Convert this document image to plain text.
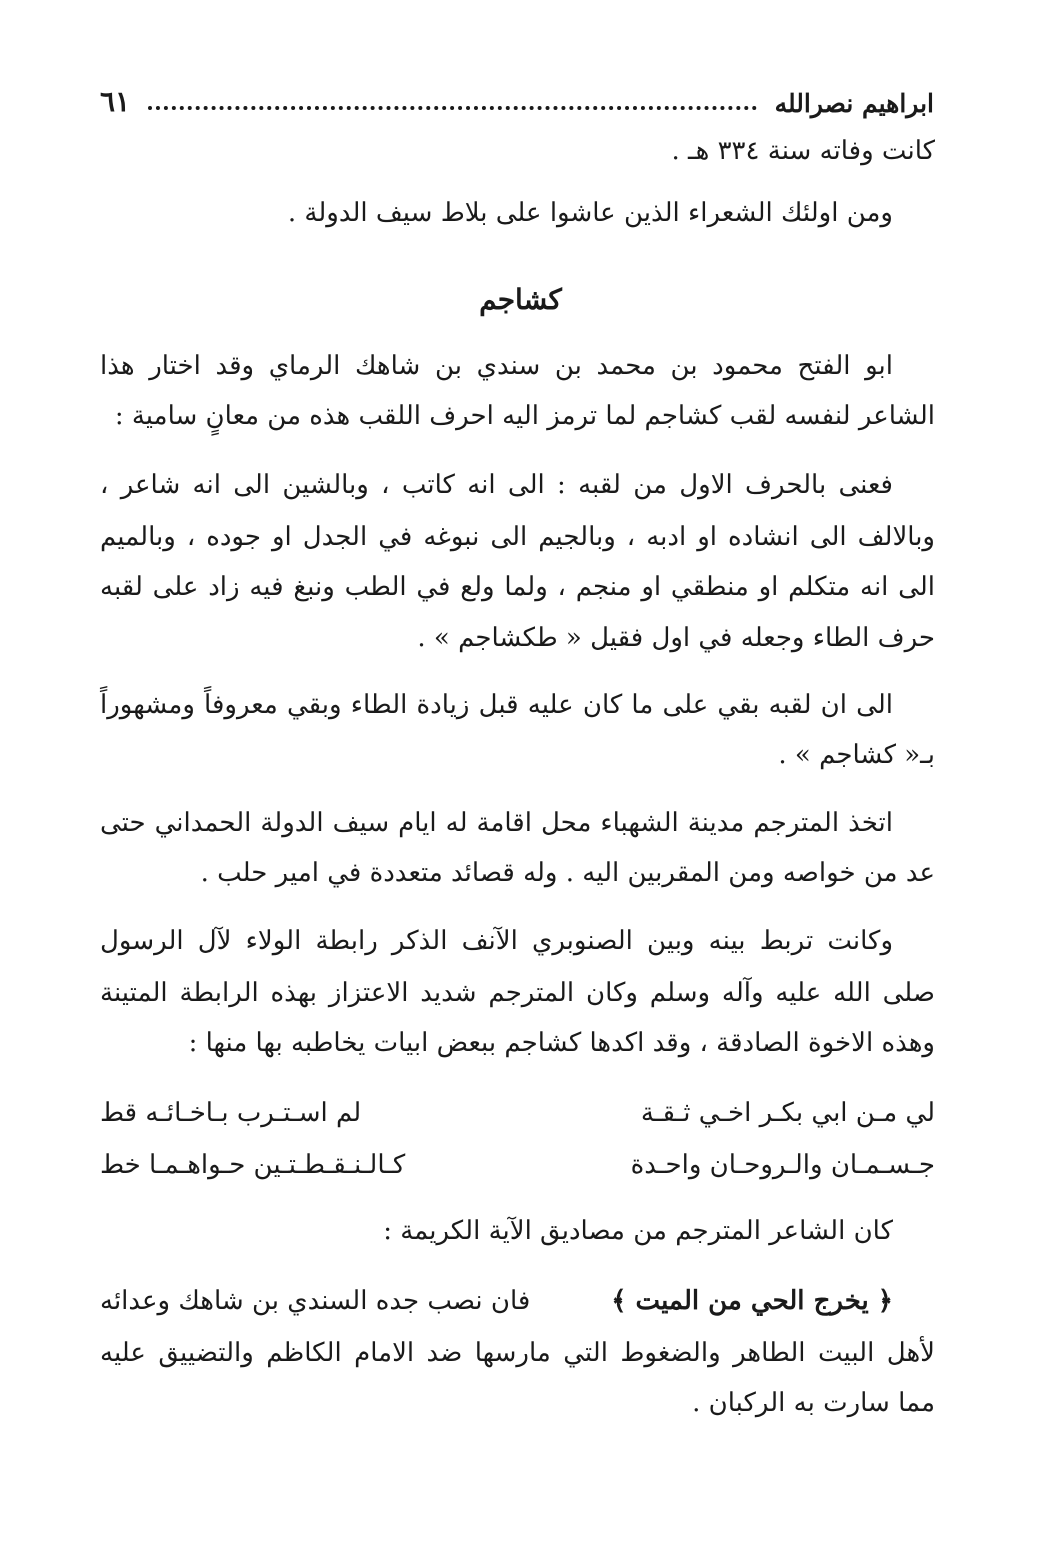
ابراهيم نصرالله
٦١
كانت وفاته سنة ٣٣٤ هـ .
ومن اولئك الشعراء الذين عاشوا على بلاط سيف الدولة .
كشاجم
ابو الفتح محمود بن محمد بن سندي بن شاهك الرماي وقد اختار هذا
الشاعر لنفسه لقب كشاجم لما ترمز اليه احرف اللقب هذه من معانٍ سامية :
فعنى بالحرف الاول من لقبه : الى انه كاتب ، وبالشين الى انه شاعر ،
وبالالف الى انشاده او ادبه ، وبالجيم الى نبوغه في الجدل او جوده ، وبالميم
الى انه متكلم او منطقي او منجم ، ولما ولع في الطب ونبغ فيه زاد على لقبه
حرف الطاء وجعله في اول فقيل « طكشاجم » .
الى ان لقبه بقي على ما كان عليه قبل زيادة الطاء وبقي معروفاً ومشهوراً
بـ« كشاجم » .
اتخذ المترجم مدينة الشهباء محل اقامة له ايام سيف الدولة الحمداني حتى
عد من خواصه ومن المقربين اليه . وله قصائد متعددة في امير حلب .
وكانت تربط بينه وبين الصنوبري الآنف الذكر رابطة الولاء لآل الرسول
صلى الله عليه وآله وسلم وكان المترجم شديد الاعتزاز بهذه الرابطة المتينة
وهذه الاخوة الصادقة ، وقد اكدها كشاجم ببعض ابيات يخاطبه بها منها :
لي مـن ابي بكـر اخـي ثـقـة
لم اسـتـرب بـاخـائـه قط
جـسـمـان والـروحـان واحـدة
كـالـنـقـطـتـين حـواهـمـا خط
كان الشاعر المترجم من مصاديق الآية الكريمة :
﴿ يخرج الحي من الميت ﴾
فان نصب جده السندي بن شاهك وعدائه
لأهل البيت الطاهر والضغوط التي مارسها ضد الامام الكاظم والتضييق عليه
مما سارت به الركبان .
